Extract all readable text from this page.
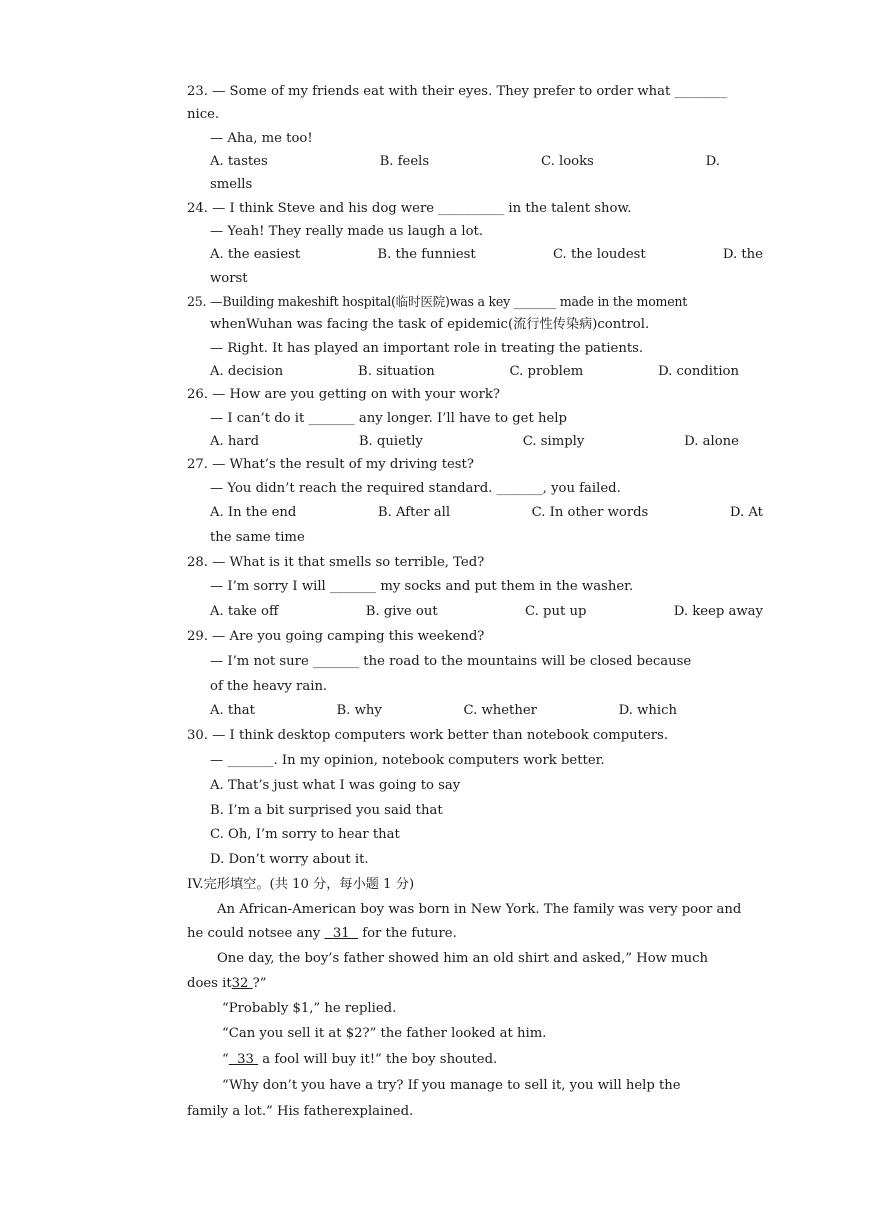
23. — Some of my friends eat with their eyes. They prefer to order what ________
nice.
— Aha, me too!
A. tastes	B. feels	C. looks	D.
smells
24. — I think Steve and his dog were __________ in the talent show.
— Yeah! They really made us laugh a lot.
A. the easiest	B. the funniest	C. the loudest	D. the
worst
25. —Building makeshift hospital(临时医院)was a key _______ made in the moment
whenWuhan was facing the task of epidemic(流行性传染病)control.
— Right. It has played an important role in treating the patients.
A. decision	B. situation	C. problem	D. condition
26. — How are you getting on with your work?
— I can’t do it _______ any longer. I’ll have to get help
A. hard	B. quietly	C. simply	D. alone
27. — What’s the result of my driving test?
— You didn’t reach the required standard. _______, you failed.
A. In the end	B. After all	C. In other words	D. At
the same time
28. — What is it that smells so terrible, Ted?
— I’m sorry I will _______ my socks and put them in the washer.
A. take off	B. give out	C. put up	D. keep away
29. — Are you going camping this weekend?
— I’m not sure _______ the road to the mountains will be closed because
of the heavy rain.
A. that	B. why	C. whether	D. which
30. — I think desktop computers work better than notebook computers.
— _______. In my opinion, notebook computers work better.
A. That’s just what I was going to say
B. I’m a bit surprised you said that
C. Oh, I’m sorry to hear that
D. Don’t worry about it.
IV.完形填空。(共 10 分，每小题 1 分)
An African-American boy was born in New York. The family was very poor and
he could notsee any   31   for the future.
One day, the boy’s father showed him an old shirt and asked,” How much
does it32 ?”
“Probably $1,” he replied.
“Can you sell it at $2?” the father looked at him.
“  33  a fool will buy it!” the boy shouted.
“Why don’t you have a try? If you manage to sell it, you will help the
family a lot.” His fatherexplained.
